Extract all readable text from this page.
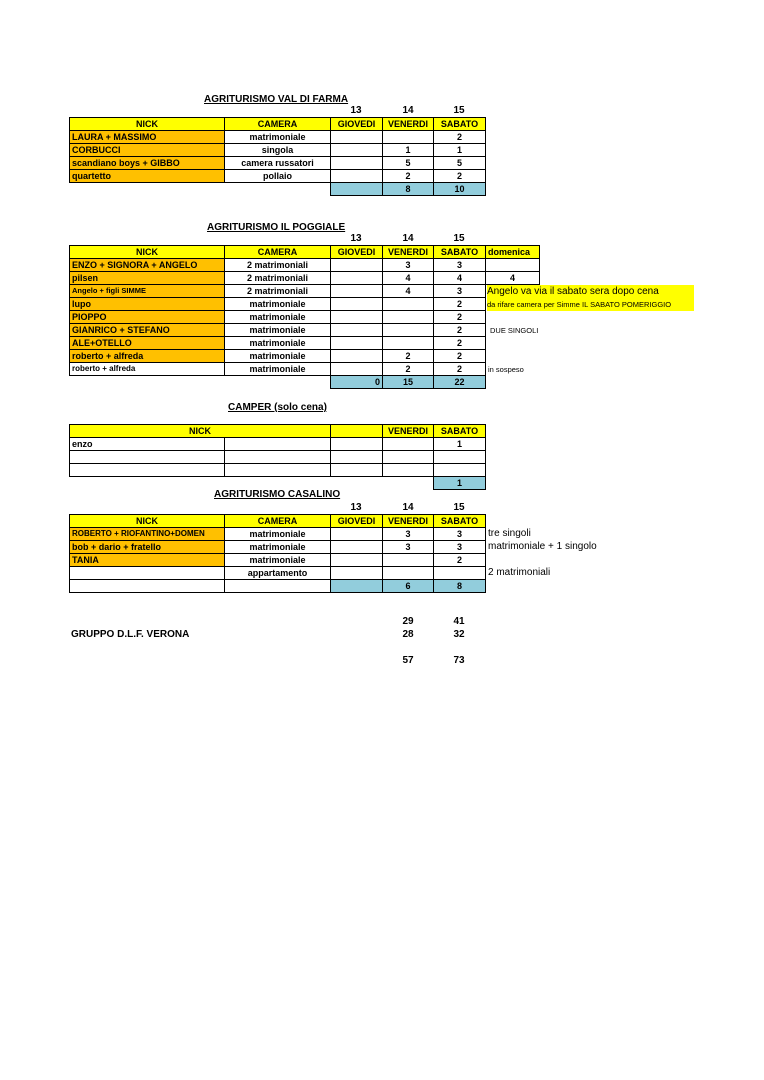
AGRITURISMO VAL DI FARMA
13	14	15
NICK	CAMERA	GIOVEDI	VENERDI	SABATO
LAURA + MASSIMO	matrimoniale			2
CORBUCCI	singola		1	1
scandiano boys + GIBBO	camera russatori		5	5
quartetto	pollaio		2	2
			8	10
AGRITURISMO IL POGGIALE
13	14	15
NICK	CAMERA	GIOVEDI	VENERDI	SABATO	domenica
ENZO + SIGNORA + ANGELO	2 matrimoniali		3	3	
pilsen	2 matrimoniali		4	4	4
Angelo + figli SIMME	2 matrimoniali		4	3	
lupo	matrimoniale			2	
PIOPPO	matrimoniale			2	
GIANRICO + STEFANO	matrimoniale			2	
ALE+OTELLO	matrimoniale			2	
roberto + alfreda	matrimoniale		2	2	
roberto + alfreda	matrimoniale		2	2	
		0	15	22	
Angelo va via il sabato sera dopo cena
da rifare camera per Simme IL SABATO POMERIGGIO
DUE SINGOLI
in sospeso
CAMPER (solo cena)
NICK			VENERDI	SABATO
enzo				1

				1
AGRITURISMO CASALINO
13	14	15
NICK	CAMERA	GIOVEDI	VENERDI	SABATO
ROBERTO + RIOFANTINO+DOMEN	matrimoniale		3	3
bob + dario + fratello	matrimoniale		3	3
TANIA	matrimoniale			2
	appartamento			
			6	8
tre singoli
matrimoniale + 1 singolo
2 matrimoniali
29	41
GRUPPO D.L.F. VERONA	28	32
57	73
